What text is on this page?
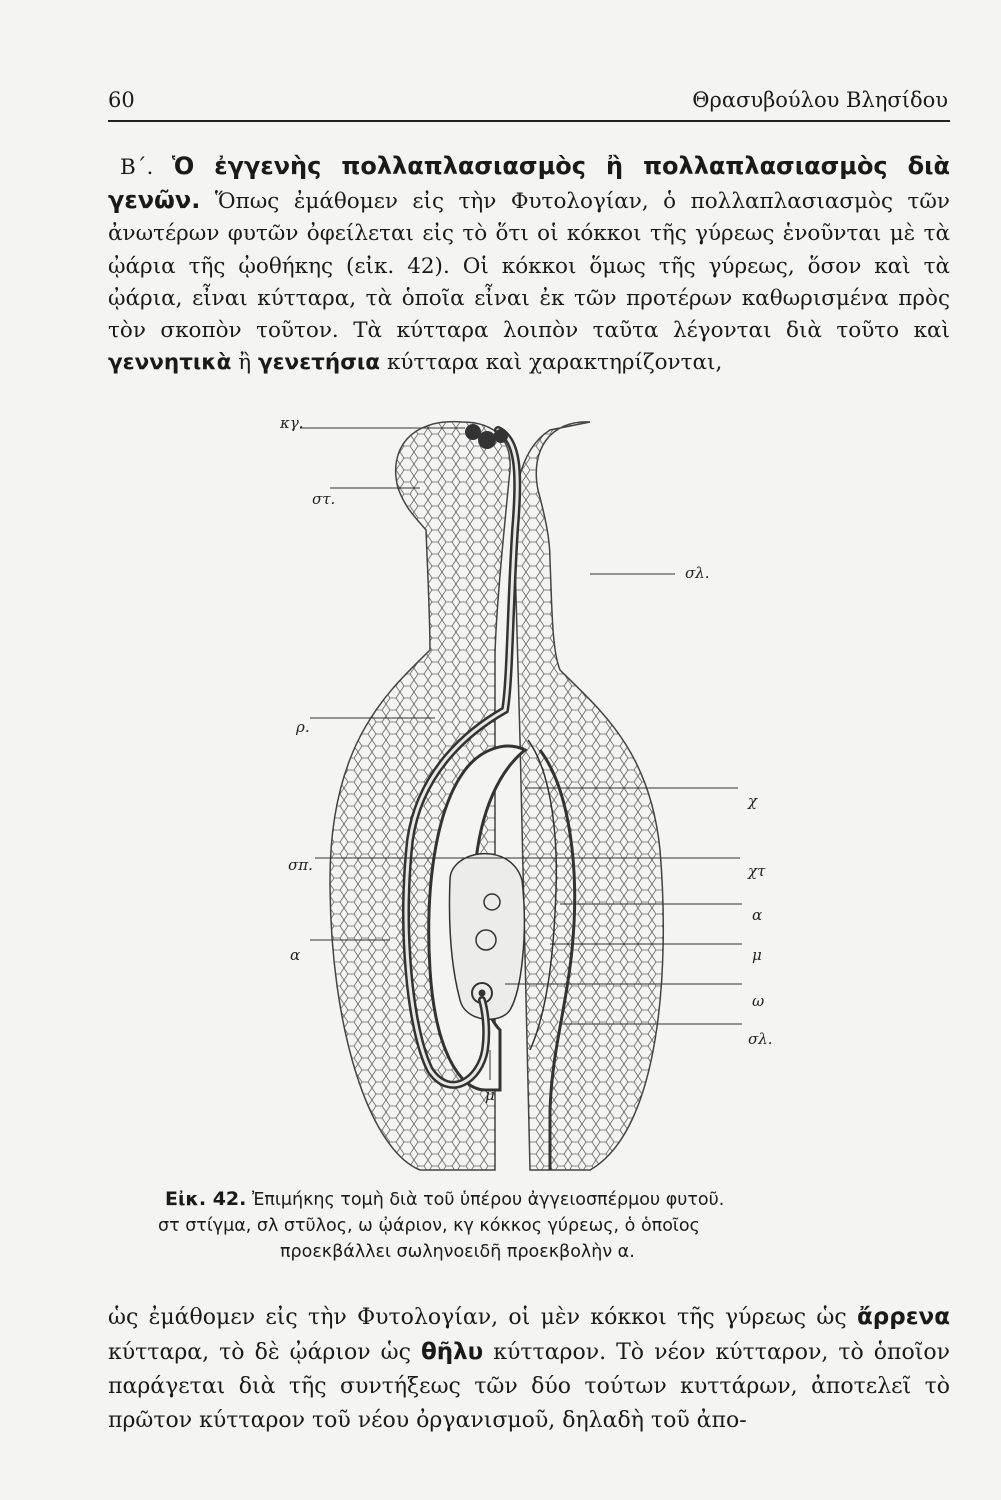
60	Θρασυβούλου Βλησίδου

Β΄. Ὁ ἐγγενὴς πολλαπλασιασμὸς ἢ πολλαπλασιασμὸς διὰ γενῶν. Ὅπως ἐμάθομεν εἰς τὴν Φυτολογίαν, ὁ πολλαπλασιασμὸς τῶν ἀνωτέρων φυτῶν ὀφείλεται εἰς τὸ ὅτι οἱ κόκκοι τῆς γύρεως ἑνοῦνται μὲ τὰ ᾠάρια τῆς ᾠοθήκης (εἰκ. 42). Οἱ κόκκοι ὅμως τῆς γύρεως, ὅσον καὶ τὰ ᾠάρια, εἶναι κύτταρα, τὰ ὁποῖα εἶναι ἐκ τῶν προτέρων καθωρισμένα πρὸς τὸν σκοπὸν τοῦτον. Τὰ κύτταρα λοιπὸν ταῦτα λέγονται διὰ τοῦτο καὶ γεννητικὰ ἢ γενετήσια κύτταρα καὶ χαρακτηρίζονται,

κγ.
στ.
σλ.
ρ.
χ
χτ
σπ.
α
α	μ
ω
σλ.
μ
Εἰκ. 42. Ἐπιμήκης τομὴ διὰ τοῦ ὑπέρου ἀγγειοσπέρμου φυτοῦ.
στ στίγμα, σλ στῦλος, ω ᾠάριον, κγ κόκκος γύρεως, ὁ ὁποῖος
προεκβάλλει σωληνοειδῆ προεκβολὴν α.

ὡς ἐμάθομεν εἰς τὴν Φυτολογίαν, οἱ μὲν κόκκοι τῆς γύρεως ὡς ἄρρενα κύτταρα, τὸ δὲ ᾠάριον ὡς θῆλυ κύτταρον. Τὸ νέον κύτταρον, τὸ ὁποῖον παράγεται διὰ τῆς συντήξεως τῶν δύο τούτων κυττάρων, ἀποτελεῖ τὸ πρῶτον κύτταρον τοῦ νέου ὀργανισμοῦ, δηλαδὴ τοῦ ἀπο-
